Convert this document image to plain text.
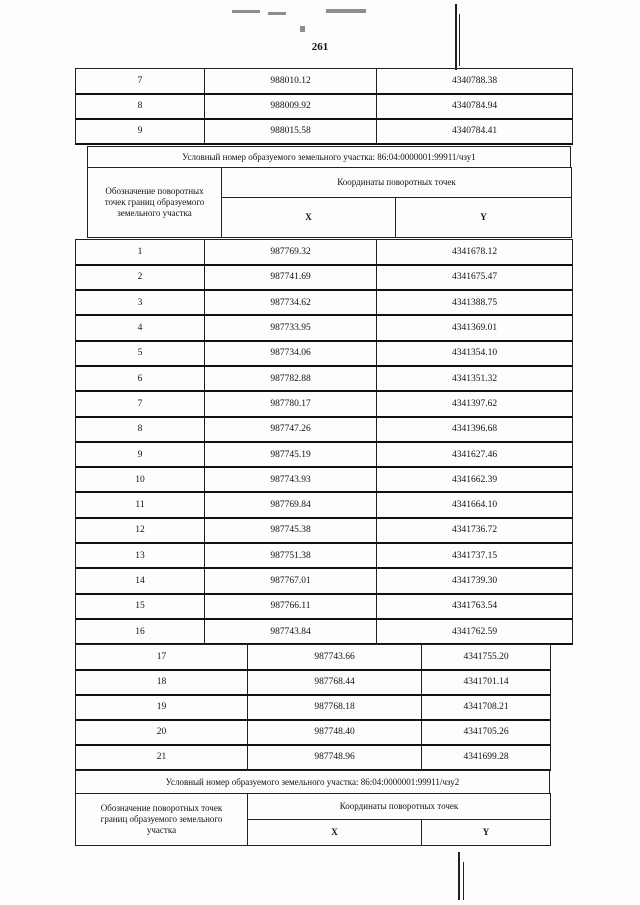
261
7	988010.12	4340788.38
8	988009.92	4340784.94
9	988015.58	4340784.41
Условный номер образуемого земельного участка: 86:04:0000001:99911/чзу1
Обозначение поворотных точек границ образуемого земельного участка	Координаты поворотных точек	
	X	Y
1	987769.32	4341678.12
2	987741.69	4341675.47
3	987734.62	4341388.75
4	987733.95	4341369.01
5	987734.06	4341354.10
6	987782.88	4341351.32
7	987780.17	4341397.62
8	987747.26	4341396.68
9	987745.19	4341627.46
10	987743.93	4341662.39
11	987769.84	4341664.10
12	987745.38	4341736.72
13	987751.38	4341737.15
14	987767.01	4341739.30
15	987766.11	4341763.54
16	987743.84	4341762.59
17	987743.66	4341755.20
18	987768.44	4341701.14
19	987768.18	4341708.21
20	987748.40	4341705.26
21	987748.96	4341699.28
Условный номер образуемого земельного участка: 86:04:0000001:99911/чзу2
Обозначение поворотных точек границ образуемого земельного участка	Координаты поворотных точек	
	X	Y
